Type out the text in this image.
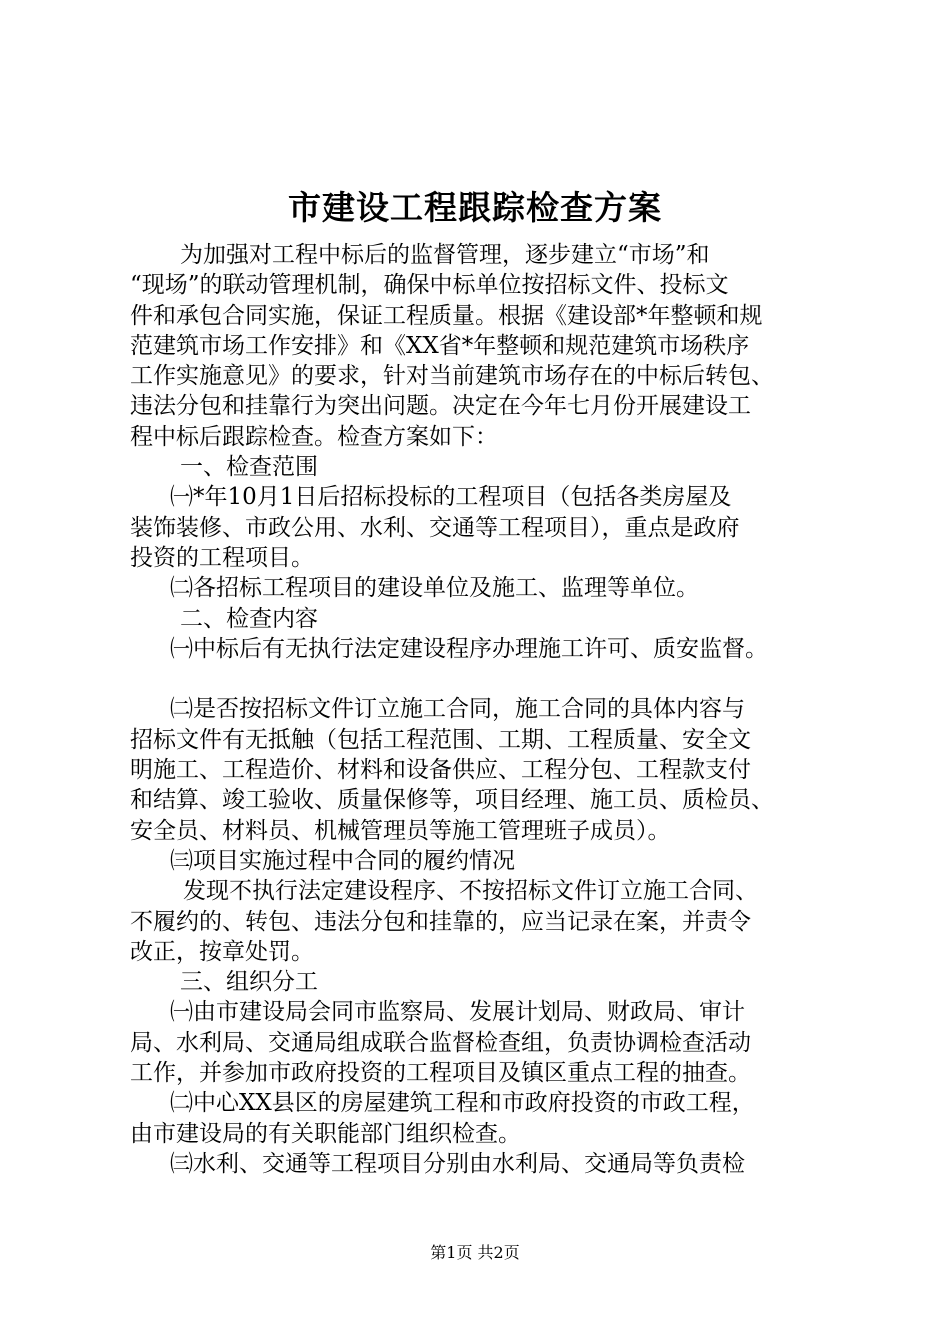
市建设工程跟踪检查方案
为加强对工程中标后的监督管理，逐步建立“市场”和
“现场”的联动管理机制，确保中标单位按招标文件、投标文
件和承包合同实施，保证工程质量。根据《建设部*年整顿和规
范建筑市场工作安排》和《XX省*年整顿和规范建筑市场秩序
工作实施意见》的要求，针对当前建筑市场存在的中标后转包、
违法分包和挂靠行为突出问题。决定在今年七月份开展建设工
程中标后跟踪检查。检查方案如下：
一、检查范围
㈠*年10月1日后招标投标的工程项目（包括各类房屋及
装饰装修、市政公用、水利、交通等工程项目），重点是政府
投资的工程项目。
㈡各招标工程项目的建设单位及施工、监理等单位。
二、检查内容
㈠中标后有无执行法定建设程序办理施工许可、质安监督。
㈡是否按招标文件订立施工合同，施工合同的具体内容与
招标文件有无抵触（包括工程范围、工期、工程质量、安全文
明施工、工程造价、材料和设备供应、工程分包、工程款支付
和结算、竣工验收、质量保修等，项目经理、施工员、质检员、
安全员、材料员、机械管理员等施工管理班子成员）。
㈢项目实施过程中合同的履约情况
发现不执行法定建设程序、不按招标文件订立施工合同、
不履约的、转包、违法分包和挂靠的，应当记录在案，并责令
改正，按章处罚。
三、组织分工
㈠由市建设局会同市监察局、发展计划局、财政局、审计
局、水利局、交通局组成联合监督检查组，负责协调检查活动
工作，并参加市政府投资的工程项目及镇区重点工程的抽查。
㈡中心XX县区的房屋建筑工程和市政府投资的市政工程，
由市建设局的有关职能部门组织检查。
㈢水利、交通等工程项目分别由水利局、交通局等负责检
第1页 共2页
